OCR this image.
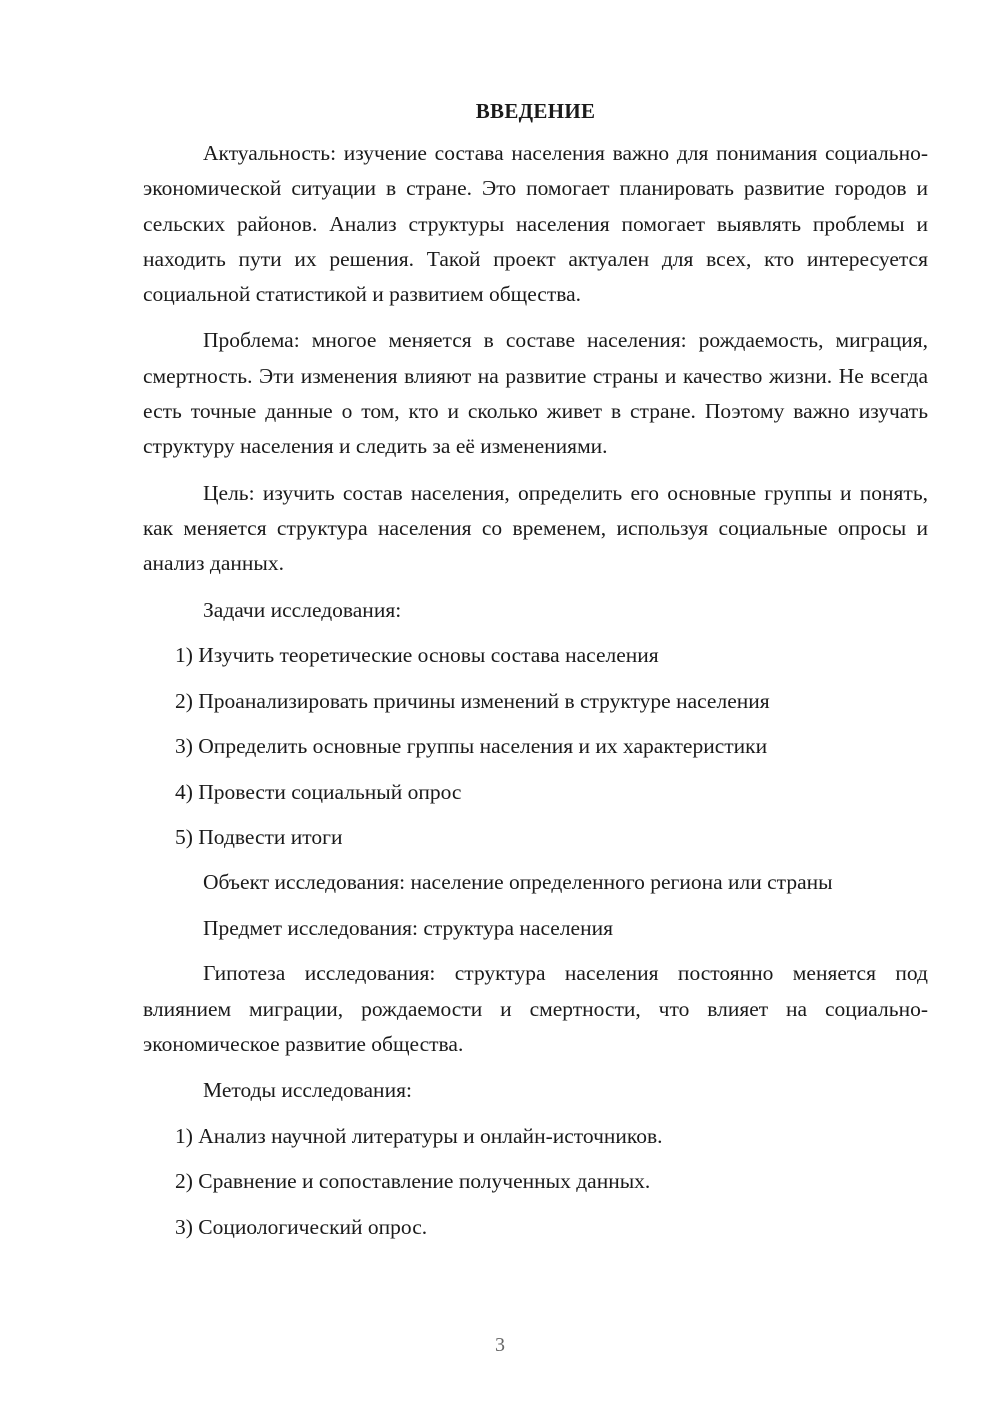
ВВЕДЕНИЕ

Актуальность: изучение состава населения важно для понимания социально-экономической ситуации в стране. Это помогает планировать развитие городов и сельских районов. Анализ структуры населения помогает выявлять проблемы и находить пути их решения. Такой проект актуален для всех, кто интересуется социальной статистикой и развитием общества.

Проблема: многое меняется в составе населения: рождаемость, миграция, смертность. Эти изменения влияют на развитие страны и качество жизни. Не всегда есть точные данные о том, кто и сколько живет в стране. Поэтому важно изучать структуру населения и следить за её изменениями.

Цель: изучить состав населения, определить его основные группы и понять, как меняется структура населения со временем, используя социальные опросы и анализ данных.

Задачи исследования:
1) Изучить теоретические основы состава населения
2) Проанализировать причины изменений в структуре населения
3) Определить основные группы населения и их характеристики
4) Провести социальный опрос
5) Подвести итоги
Объект исследования: население определенного региона или страны
Предмет исследования: структура населения

Гипотеза исследования: структура населения постоянно меняется под влиянием миграции, рождаемости и смертности, что влияет на социально-экономическое развитие общества.

Методы исследования:
1) Анализ научной литературы и онлайн-источников.
2) Сравнение и сопоставление полученных данных.
3) Социологический опрос.
3
